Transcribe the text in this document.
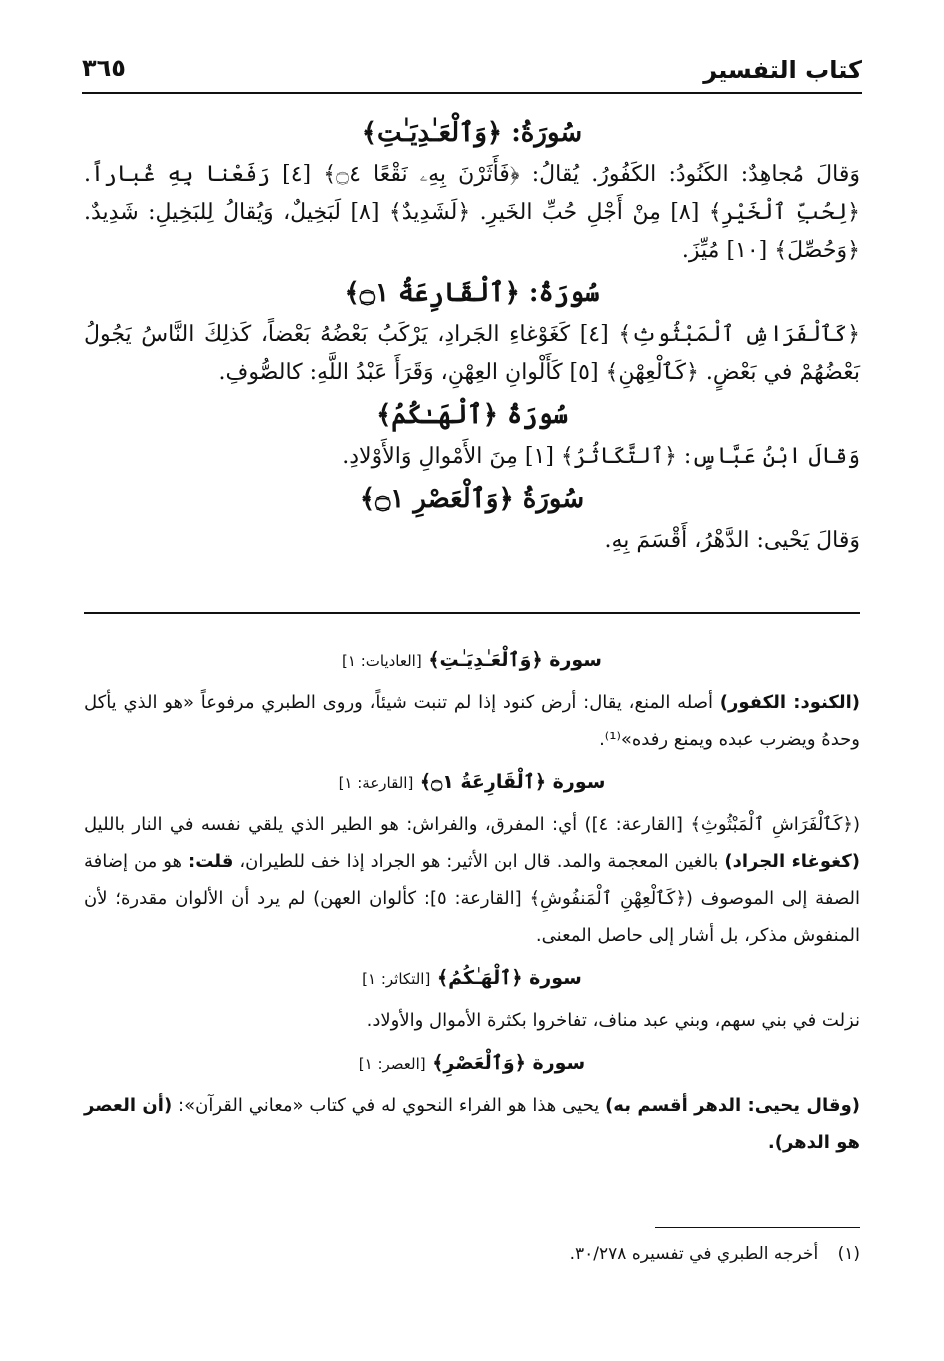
كتاب التفسير
٣٦٥

سُورَةُ: ﴿وَٱلْعَـٰدِيَـٰتِ﴾

وَقالَ مُجاهِدٌ: الكَنُودُ: الكَفُورُ. يُقالُ: ﴿فَأَثَرْنَ بِهِۦ نَقْعًا ۝٤﴾ [٤] رَفَعْنا بِهِ غُباراً. ﴿لِحُبِّ ٱلْخَيْرِ﴾ [٨] مِنْ أَجْلِ حُبِّ الخَيرِ. ﴿لَشَدِيدٌ﴾ [٨] لَبَخِيلٌ، وَيُقالُ لِلبَخِيلِ: شَدِيدٌ. ﴿وَحُصِّلَ﴾ [١٠] مُيِّزَ.

سُورَةُ: ﴿ٱلْقَارِعَةُ ۝١﴾

﴿كَٱلْفَرَاشِ ٱلْمَبْثُوثِ﴾ [٤] كَغَوْغاءِ الجَرادِ، يَرْكَبُ بَعْضُهُ بَعْضاً، كَذلِكَ النَّاسُ يَجُولُ بَعْضُهُمْ في بَعْضٍ. ﴿كَٱلْعِهْنِ﴾ [٥] كَأَلْوانِ العِهْنِ، وَقَرَأَ عَبْدُ اللَّهِ: كالصُّوفِ.

سُورَةُ ﴿ٱلْهَـٰكُمُ﴾

وَقالَ ابْنُ عَبَّاسٍ: ﴿ٱلتَّكَاثُرُ﴾ [١] مِنَ الأَمْوالِ وَالأَوْلادِ.

سُورَةُ ﴿وَٱلْعَصْرِ ۝١﴾

وَقالَ يَحْيى: الدَّهْرُ، أَقْسَمَ بِهِ.

سورة ﴿وَٱلْعَـٰدِيَـٰتِ﴾ [العاديات: ١]

(الكنود: الكفور) أصله المنع، يقال: أرض كنود إذا لم تنبت شيئاً، وروى الطبري مرفوعاً «هو الذي يأكل وحدهُ ويضرب عبده ويمنع رفده»⁽¹⁾.

سورة ﴿ٱلْقَارِعَةُ ۝١﴾ [القارعة: ١]

(﴿كَٱلْفَرَاشِ ٱلْمَبْثُوثِ﴾ [القارعة: ٤]) أي: المفرق، والفراش: هو الطير الذي يلقي نفسه في النار بالليل (كغوغاء الجراد) بالغين المعجمة والمد. قال ابن الأثير: هو الجراد إذا خف للطيران، قلت: هو من إضافة الصفة إلى الموصوف (﴿كَٱلْعِهْنِ ٱلْمَنفُوشِ﴾ [القارعة: ٥]: كألوان العهن) لم يرد أن الألوان مقدرة؛ لأن المنفوش مذكر، بل أشار إلى حاصل المعنى.

سورة ﴿ٱلْهَـٰكُمُ﴾ [التكاثر: ١]

نزلت في بني سهم، وبني عبد مناف، تفاخروا بكثرة الأموال والأولاد.

سورة ﴿وَٱلْعَصْرِ﴾ [العصر: ١]

(وقال يحيى: الدهر أقسم به) يحيى هذا هو الفراء النحوي له في كتاب «معاني القرآن»: (أن العصر هو الدهر).

(١) أخرجه الطبري في تفسيره ٣٠/٢٧٨.
